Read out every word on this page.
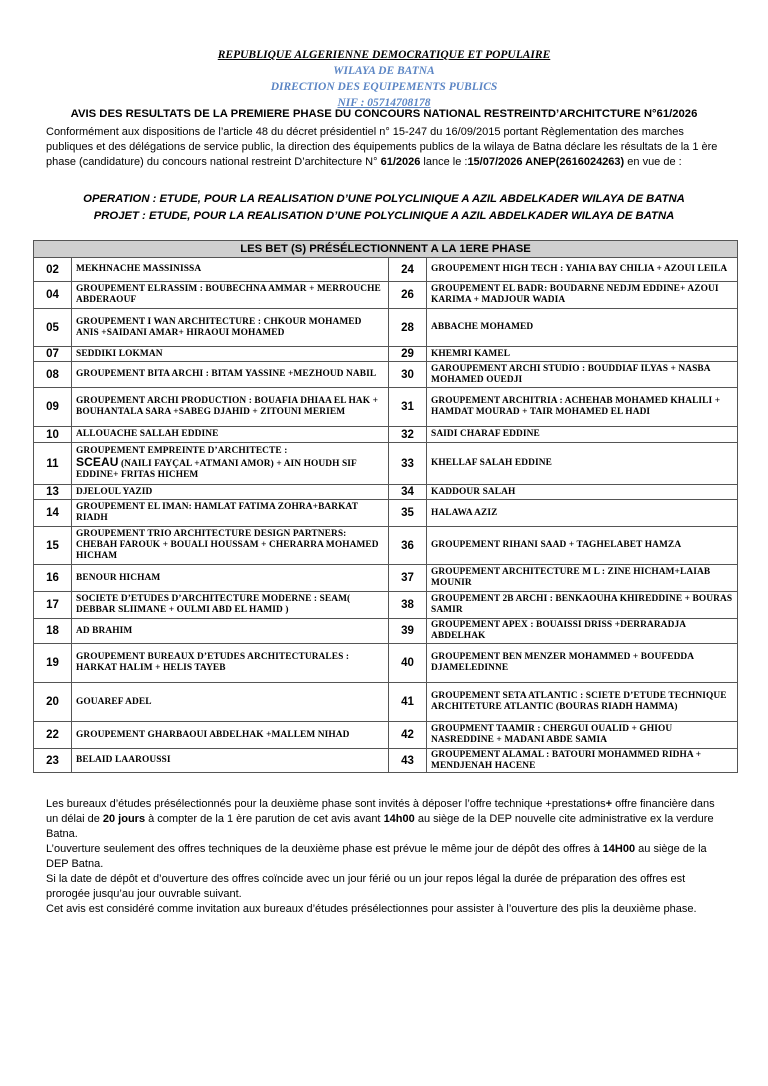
REPUBLIQUE ALGERIENNE DEMOCRATIQUE ET POPULAIRE
WILAYA DE BATNA
DIRECTION DES EQUIPEMENTS PUBLICS
NIF : 05714708178
AVIS DES RESULTATS DE LA PREMIERE PHASE DU CONCOURS NATIONAL RESTREINTD’ARCHITCTURE N°61/2026
Conformément aux dispositions de l’article 48 du décret présidentiel n° 15-247 du 16/09/2015 portant Règlementation des marches publiques et des délégations de service public, la direction des équipements publics de la wilaya de Batna déclare les résultats de la 1 ère phase (candidature) du concours national restreint D’architecture N° 61/2026 lance le :15/07/2026 ANEP(2616024263) en vue de :
OPERATION : ETUDE, POUR LA REALISATION D’UNE POLYCLINIQUE A AZIL ABDELKADER WILAYA DE BATNA
PROJET : ETUDE, POUR LA REALISATION D’UNE POLYCLINIQUE A AZIL ABDELKADER WILAYA DE BATNA
LES BET (S) PRÉSÉLECTIONNENT A LA 1ERE PHASE			
02	MEKHNACHE MASSINISSA	24	GROUPEMENT HIGH TECH : YAHIA BAY CHILIA + AZOUI LEILA
04	GROUPEMENT ELRASSIM : BOUBECHNA AMMAR + MERROUCHE ABDERAOUF	26	GROUPEMENT EL BADR: BOUDARNE NEDJM EDDINE+ AZOUI KARIMA + MADJOUR WADIA
05	GROUPEMENT I WAN ARCHITECTURE : CHKOUR MOHAMED ANIS +SAIDANI AMAR+ HIRAOUI MOHAMED	28	ABBACHE MOHAMED
07	SEDDIKI LOKMAN	29	KHEMRI KAMEL
08	GROUPEMENT BITA ARCHI : BITAM YASSINE +MEZHOUD NABIL	30	GAROUPEMENT ARCHI STUDIO : BOUDDIAF ILYAS + NASBA MOHAMED OUEDJI
09	GROUPEMENT ARCHI PRODUCTION : BOUAFIA DHIAA EL HAK + BOUHANTALA SARA +SABEG DJAHID + ZITOUNI MERIEM	31	GROUPEMENT ARCHITRIA : ACHEHAB MOHAMED KHALILI + HAMDAT MOURAD + TAIR MOHAMED EL HADI
10	ALLOUACHE SALLAH EDDINE	32	SAIDI CHARAF EDDINE
11	GROUPEMENT EMPREINTE D’ARCHITECTE :
SCEAU (NAILI FAYÇAL +ATMANI AMOR) + AIN HOUDH SIF EDDINE+ FRITAS HICHEM	33	KHELLAF SALAH EDDINE
13	DJELOUL YAZID	34	KADDOUR SALAH
14	GROUPEMENT EL IMAN: HAMLAT FATIMA ZOHRA+BARKAT RIADH	35	HALAWA AZIZ
15	GROUPEMENT TRIO ARCHITECTURE DESIGN PARTNERS: CHEBAH FAROUK + BOUALI HOUSSAM + CHERARRA MOHAMED HICHAM	36	GROUPEMENT RIHANI SAAD + TAGHELABET HAMZA
16	BENOUR HICHAM	37	GROUPEMENT ARCHITECTURE M L : ZINE HICHAM+LAIAB MOUNIR
17	SOCIETE D’ETUDES D’ARCHITECTURE MODERNE : SEAM( DEBBAR SLIIMANE + OULMI ABD EL HAMID )	38	GROUPEMENT 2B ARCHI : BENKAOUHA KHIREDDINE + BOURAS SAMIR
18	AD BRAHIM	39	GROUPEMENT APEX : BOUAISSI DRISS +DERRARADJA ABDELHAK
19	GROUPEMENT BUREAUX D’ETUDES ARCHITECTURALES : HARKAT HALIM + HELIS TAYEB	40	GROUPEMENT BEN MENZER MOHAMMED + BOUFEDDA DJAMELEDINNE
20	GOUAREF ADEL	41	GROUPEMENT SETA ATLANTIC : SCIETE D’ETUDE TECHNIQUE ARCHITETURE ATLANTIC (BOURAS RIADH HAMMA)
22	GROUPEMENT GHARBAOUI ABDELHAK +MALLEM NIHAD	42	GROUPMENT TAAMIR : CHERGUI OUALID + GHIOU NASREDDINE + MADANI ABDE SAMIA
23	BELAID LAAROUSSI	43	GROUPEMENT ALAMAL : BATOURI MOHAMMED RIDHA + MENDJENAH HACENE

Les bureaux d’études présélectionnés pour la deuxième phase sont invités à déposer l’offre technique +prestations+ offre financière dans un délai de 20 jours à compter de la 1 ère parution de cet avis avant 14h00 au siège de la DEP nouvelle cite administrative ex la verdure Batna.

L’ouverture seulement des offres techniques de la deuxième phase est prévue le même jour de dépôt des offres à 14H00 au siège de la DEP Batna.

Si la date de dépôt et d’ouverture des offres coïncide avec un jour férié ou un jour repos légal la durée de préparation des offres est prorogée jusqu’au jour ouvrable suivant.

Cet avis est considéré comme invitation aux bureaux d’études présélectionnes pour assister à l’ouverture des plis la deuxième phase.
